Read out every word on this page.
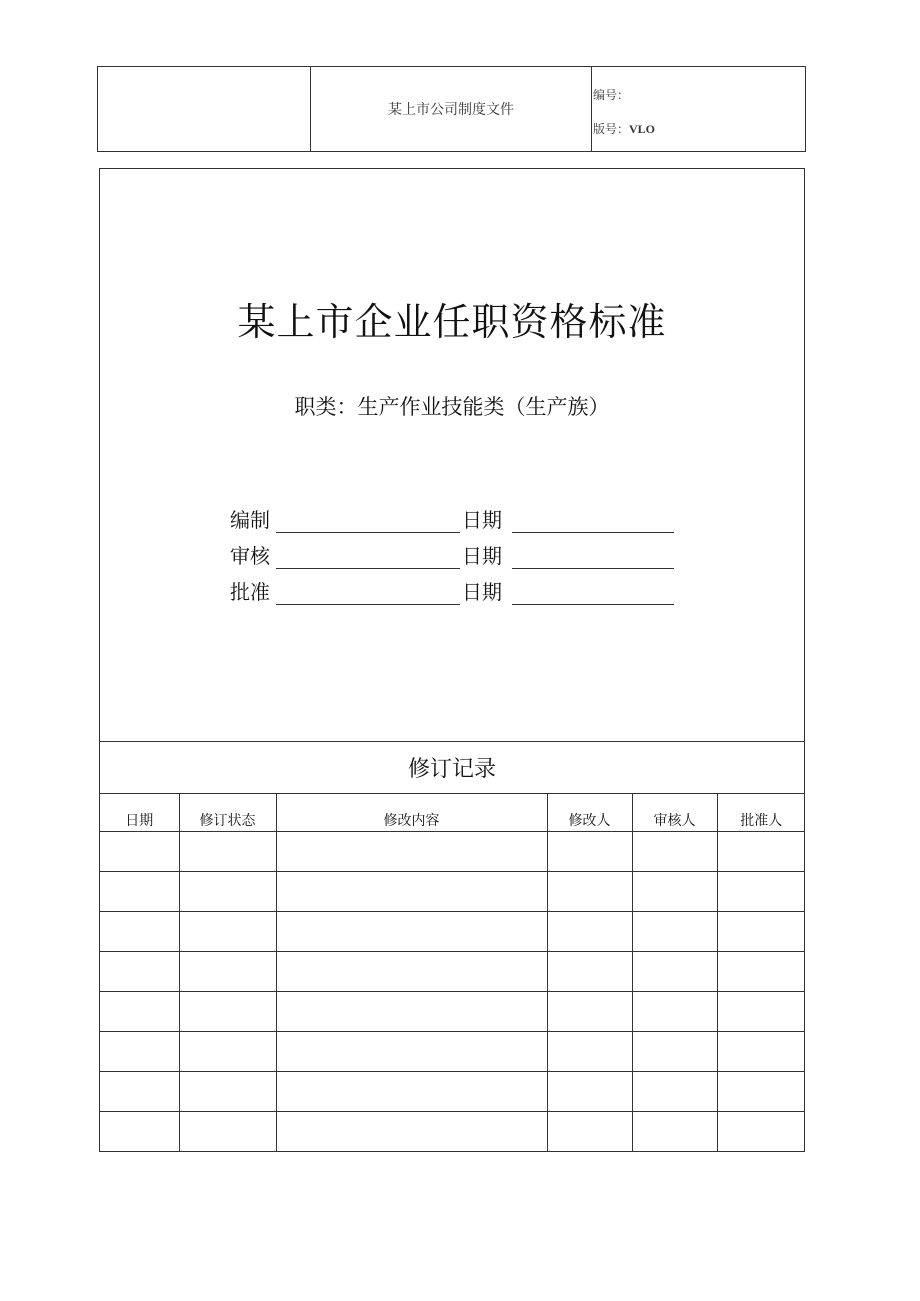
某上市公司制度文件
编号：
版号：VLO
某上市企业任职资格标准
职类：生产作业技能类（生产族）
编制	日期
审核	日期
批准	日期
修订记录
日期	修订状态	修改内容	修改人	审核人	批准人
